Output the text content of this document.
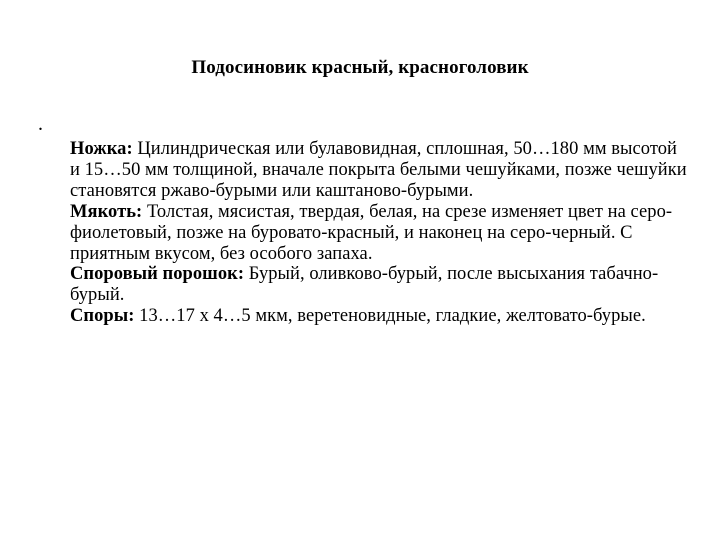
Подосиновик красный, красноголовик
.

Ножка: Цилиндрическая или булавовидная, сплошная, 50…180 мм высотой и 15…50 мм толщиной, вначале покрыта белыми чешуйками, позже чешуйки становятся ржаво-бурыми или каштаново-бурыми.

Мякоть: Толстая, мясистая, твердая, белая, на срезе изменяет цвет на серо-фиолетовый, позже на буровато-красный, и наконец на серо-черный. С приятным вкусом, без особого запаха.

Споровый порошок: Бурый, оливково-бурый, после высыхания табачно-бурый.

Споры: 13…17 х 4…5 мкм, веретеновидные, гладкие, желтовато-бурые.
